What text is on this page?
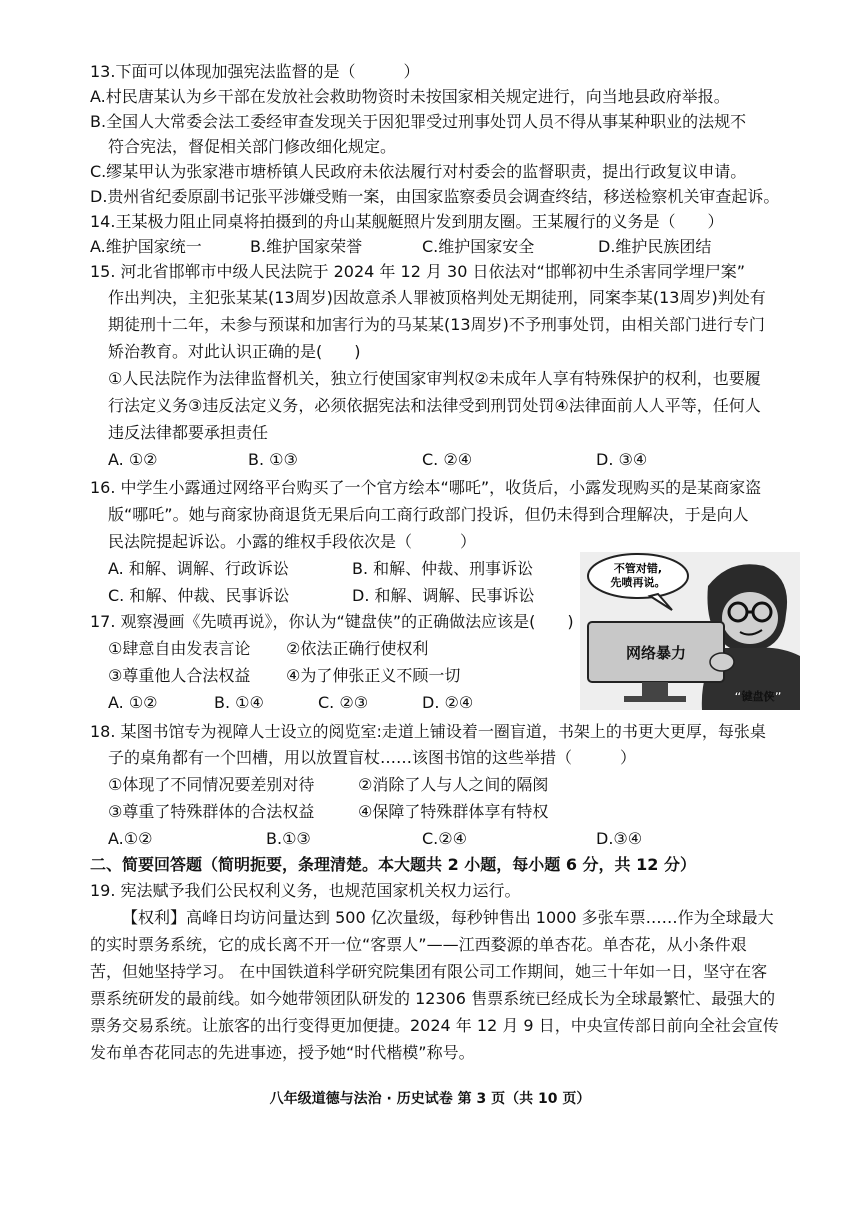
13.下面可以体现加强宪法监督的是（　　　）
A.村民唐某认为乡干部在发放社会救助物资时未按国家相关规定进行，向当地县政府举报。
B.全国人大常委会法工委经审查发现关于因犯罪受过刑事处罚人员不得从事某种职业的法规不
符合宪法，督促相关部门修改细化规定。
C.缪某甲认为张家港市塘桥镇人民政府未依法履行对村委会的监督职责，提出行政复议申请。
D.贵州省纪委原副书记张平涉嫌受贿一案，由国家监察委员会调查终结，移送检察机关审查起诉。
14.王某极力阻止同桌将拍摄到的舟山某舰艇照片发到朋友圈。王某履行的义务是（　　）
A.维护国家统一	B.维护国家荣誉	C.维护国家安全	D.维护民族团结
15. 河北省邯郸市中级人民法院于 2024 年 12 月 30 日依法对“邯郸初中生杀害同学埋尸案”
作出判决，主犯张某某(13周岁)因故意杀人罪被顶格判处无期徒刑，同案李某(13周岁)判处有
期徒刑十二年，未参与预谋和加害行为的马某某(13周岁)不予刑事处罚，由相关部门进行专门
矫治教育。对此认识正确的是(　　)
①人民法院作为法律监督机关，独立行使国家审判权②未成年人享有特殊保护的权利，也要履
行法定义务③违反法定义务，必须依据宪法和法律受到刑罚处罚④法律面前人人平等，任何人
违反法律都要承担责任
A. ①②	B. ①③	C. ②④	D. ③④
16. 中学生小露通过网络平台购买了一个官方绘本“哪吒”，收货后，小露发现购买的是某商家盗
版“哪吒”。她与商家协商退货无果后向工商行政部门投诉，但仍未得到合理解决，于是向人
民法院提起诉讼。小露的维权手段依次是（　　　）
A. 和解、调解、行政诉讼	B. 和解、仲裁、刑事诉讼
C. 和解、仲裁、民事诉讼	D. 和解、调解、民事诉讼
17. 观察漫画《先喷再说》，你认为“键盘侠”的正确做法应该是(　　)
①肆意自由发表言论 ②依法正确行使权利
③尊重他人合法权益 ④为了伸张正义不顾一切
A. ①②	B. ①④	C. ②③	D. ②④
不管对错,
先喷再说。
网络暴力
“键盘侠”
18. 某图书馆专为视障人士设立的阅览室:走道上铺设着一圈盲道，书架上的书更大更厚，每张桌
子的桌角都有一个凹槽，用以放置盲杖……该图书馆的这些举措（　　　）
①体现了不同情况要差别对待	②消除了人与人之间的隔阂
③尊重了特殊群体的合法权益	④保障了特殊群体享有特权
A.①②	B.①③	C.②④	D.③④
二、简要回答题（简明扼要，条理清楚。本大题共 2 小题，每小题 6 分，共 12 分）
19. 宪法赋予我们公民权利义务，也规范国家机关权力运行。
【权利】高峰日均访问量达到 500 亿次量级，每秒钟售出 1000 多张车票……作为全球最大
的实时票务系统，它的成长离不开一位“客票人”——江西婺源的单杏花。单杏花，从小条件艰
苦，但她坚持学习。 在中国铁道科学研究院集团有限公司工作期间，她三十年如一日，坚守在客
票系统研发的最前线。如今她带领团队研发的 12306 售票系统已经成长为全球最繁忙、最强大的
票务交易系统。让旅客的出行变得更加便捷。2024 年 12 月 9 日，中央宣传部日前向全社会宣传
发布单杏花同志的先进事迹，授予她“时代楷模”称号。
八年级道德与法治 · 历史试卷 第 3 页（共 10 页）
